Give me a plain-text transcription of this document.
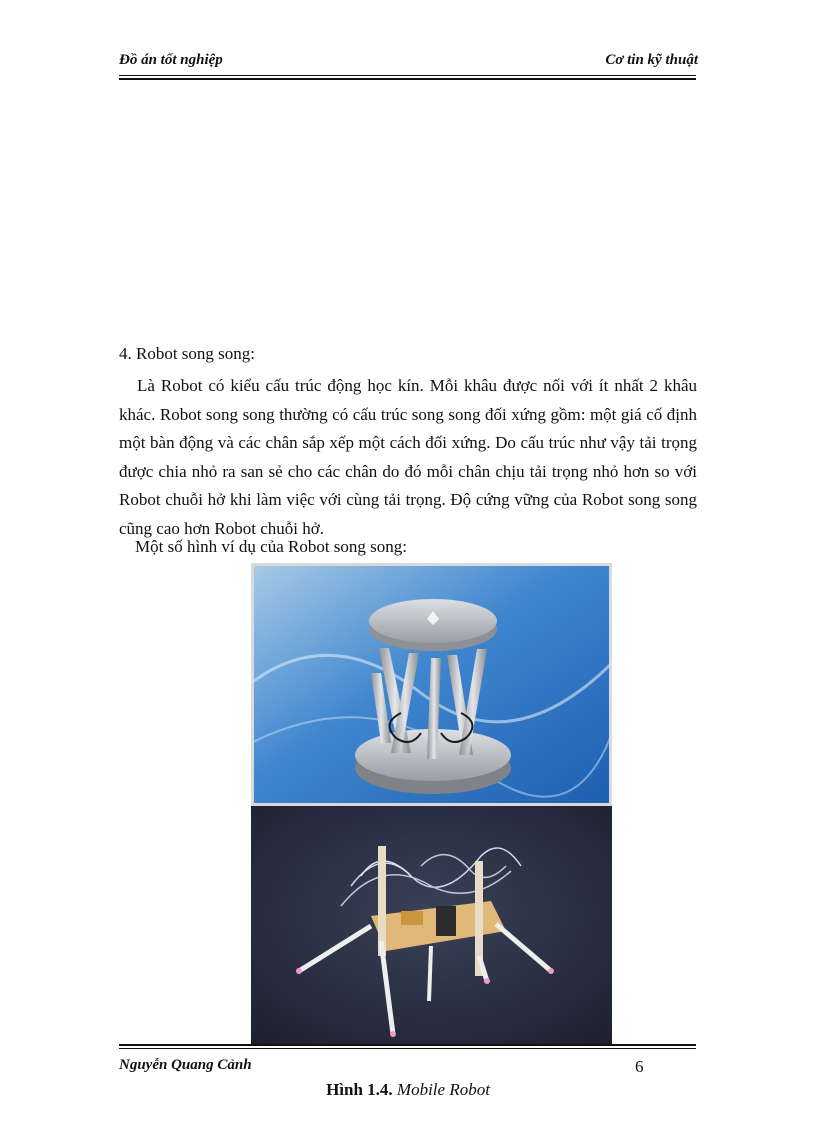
Đồ án tốt nghiệp	Cơ tin kỹ thuật
4. Robot song song:

Là Robot có kiểu cấu trúc động học kín. Mỗi khâu được nối với ít nhất 2 khâu khác. Robot song song thường có cấu trúc song song đối xứng gồm: một giá cố định một bàn động và các chân sắp xếp một cách đối xứng. Do cấu trúc như vậy tải trọng được chia nhỏ ra san sẻ cho các chân do đó mỗi chân chịu tải trọng nhỏ hơn so với Robot chuỗi hở khi làm việc với cùng tải trọng. Độ cứng vững của Robot song song cũng cao hơn Robot chuỗi hở.

Một số hình ví dụ của Robot song song:
Nguyễn Quang Cảnh	6
Hình 1.4. Mobile Robot
